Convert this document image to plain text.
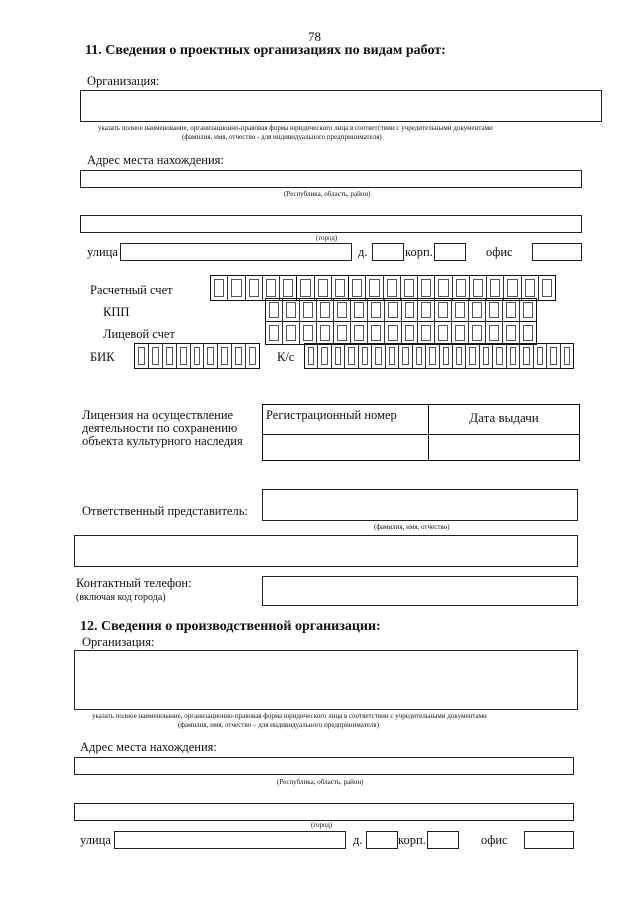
78
11. Сведения о проектных организациях по видам работ:
Организация:
указать полное наименование, организационно-правовая форма юридического лица в соответствии с учредительными документами
(фамилия, имя, отчество - для индивидуального предпринимателя)
Адрес места нахождения:
(Республика, область, район)
(город)
улица	д.	корп.	офис
Расчетный счет
КПП
Лицевой счет
БИК	К/с
Лицензия на осуществление
деятельности по сохранению
объекта культурного наследия
Регистрационный номер	Дата выдачи

Ответственный представитель:
(фамилия, имя, отчество)
Контактный телефон:
(включая код города)
12. Сведения о производственной организации:
Организация:
указать полное наименование, организационно-правовая форма юридического лица в соответствии с учредительными документами
(фамилия, имя, отчество – для индивидуального предпринимателя)
Адрес места нахождения:
(Республика, область, район)
(город)
улица	д.	корп.	офис
